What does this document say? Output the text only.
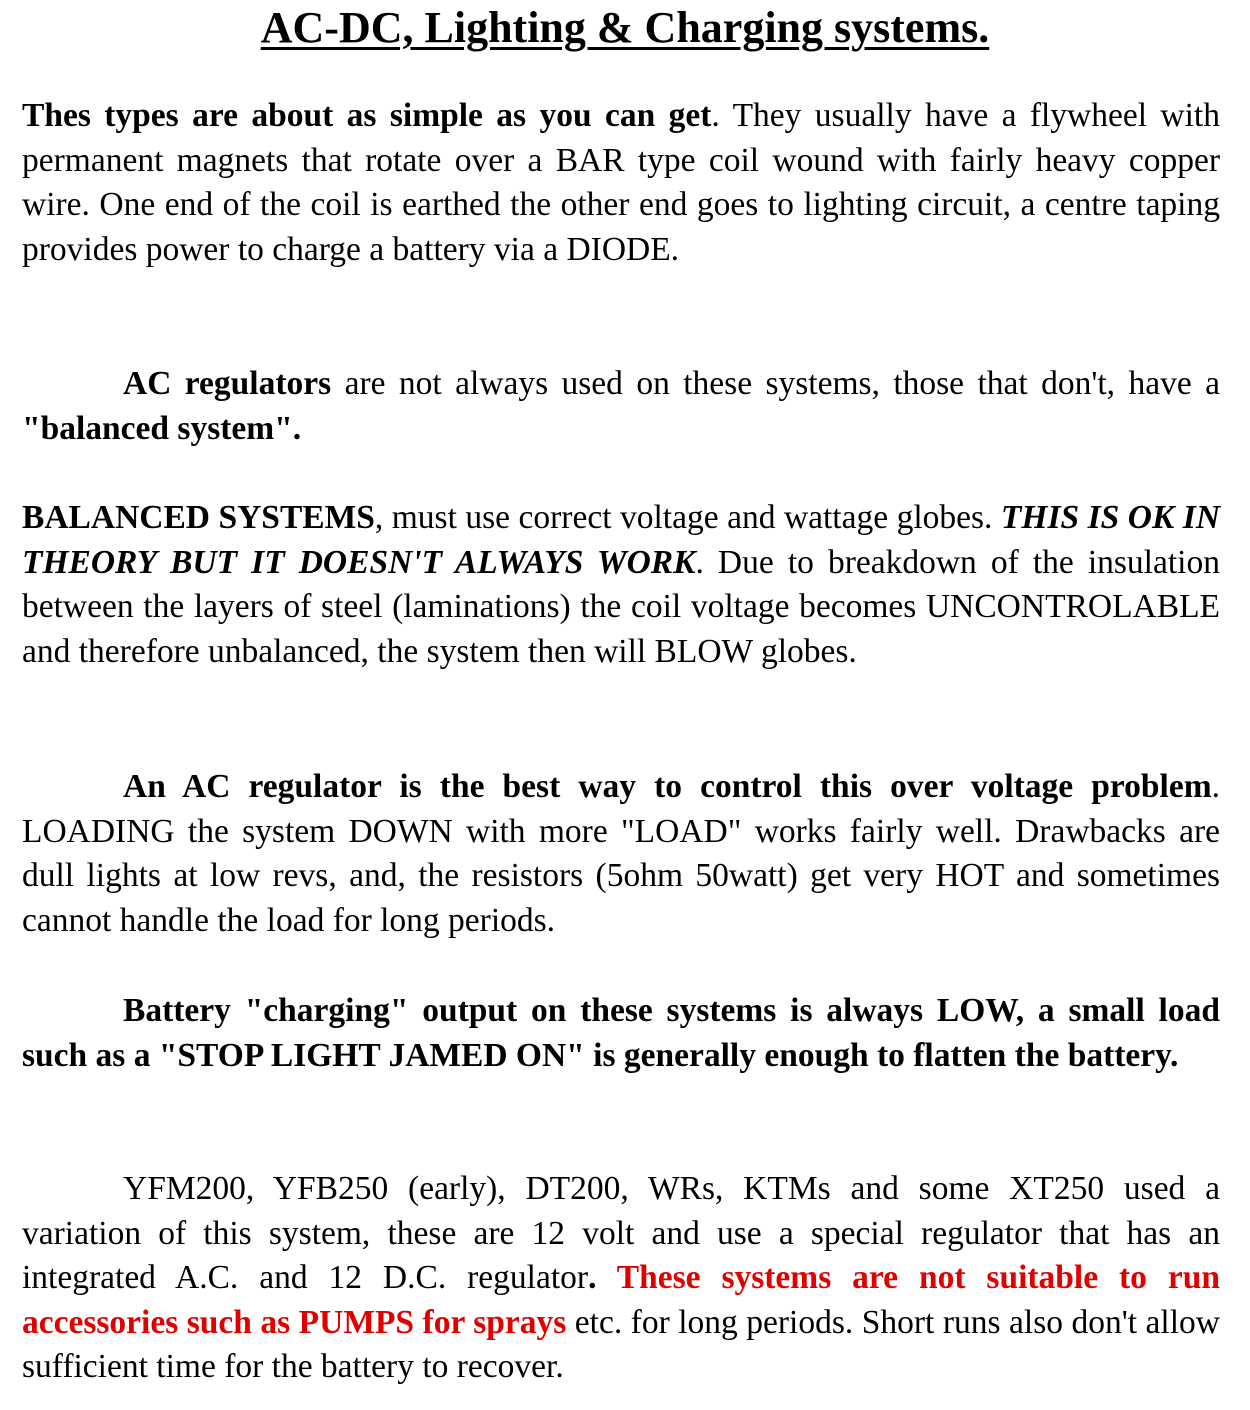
AC-DC, Lighting & Charging systems.

Thes types are about as simple as you can get. They usually have a flywheel with permanent magnets that rotate over a BAR type coil wound with fairly heavy copper wire. One end of the coil is earthed the other end goes to lighting circuit, a centre taping provides power to charge a battery via a DIODE.

AC regulators are not always used on these systems, those that don't, have a "balanced system".

BALANCED SYSTEMS, must use correct voltage and wattage globes. THIS IS OK IN THEORY BUT IT DOESN'T ALWAYS WORK. Due to breakdown of the insulation between the layers of steel (laminations) the coil voltage becomes UNCONTROLABLE and therefore unbalanced, the system then will BLOW globes.

An AC regulator is the best way to control this over voltage problem. LOADING the system DOWN with more "LOAD" works fairly well. Drawbacks are dull lights at low revs, and, the resistors (5ohm 50watt) get very HOT and sometimes cannot handle the load for long periods.

Battery "charging" output on these systems is always LOW, a small load such as a "STOP LIGHT JAMED ON" is generally enough to flatten the battery.

YFM200, YFB250 (early), DT200, WRs, KTMs and some XT250 used a variation of this system, these are 12 volt and use a special regulator that has an integrated A.C. and 12 D.C. regulator. These systems are not suitable to run accessories such as PUMPS for sprays etc. for long periods. Short runs also don't allow sufficient time for the battery to recover.
